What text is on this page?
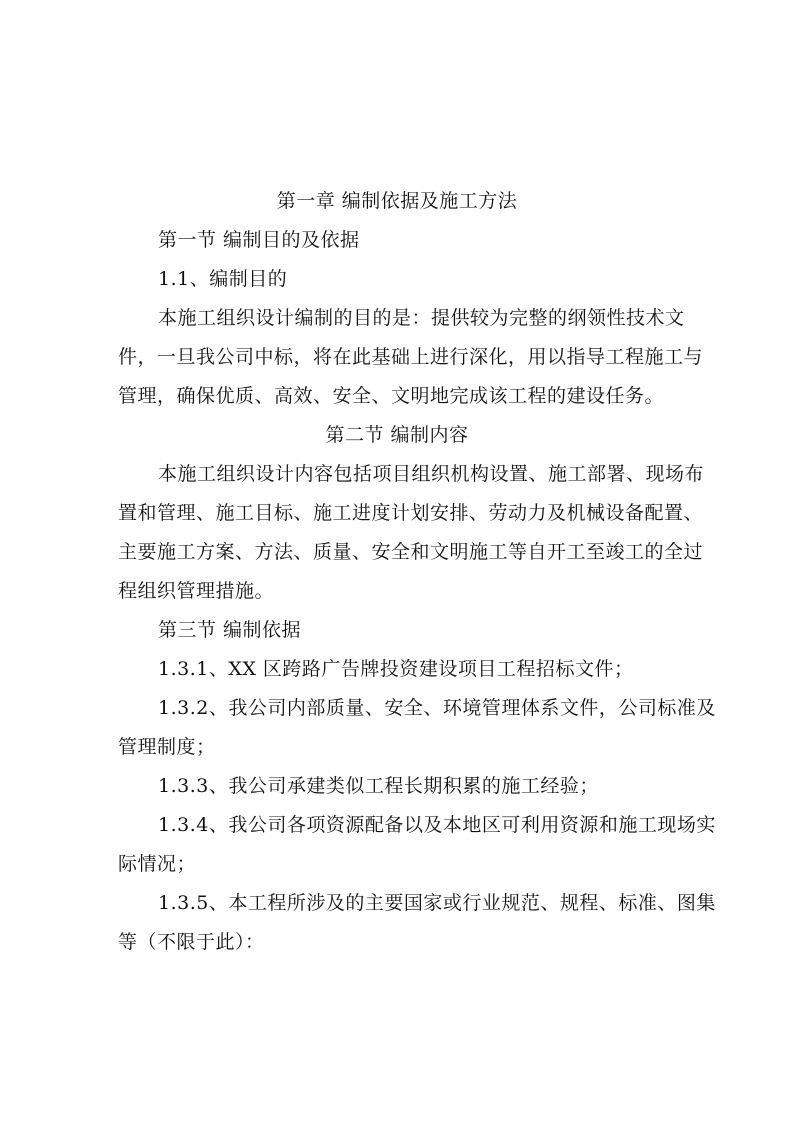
第一章 编制依据及施工方法
第一节 编制目的及依据
1.1、编制目的
本施工组织设计编制的目的是：提供较为完整的纲领性技术文
件，一旦我公司中标，将在此基础上进行深化，用以指导工程施工与
管理，确保优质、高效、安全、文明地完成该工程的建设任务。
第二节 编制内容
本施工组织设计内容包括项目组织机构设置、施工部署、现场布
置和管理、施工目标、施工进度计划安排、劳动力及机械设备配置、
主要施工方案、方法、质量、安全和文明施工等自开工至竣工的全过
程组织管理措施。
第三节 编制依据
1.3.1、XX 区跨路广告牌投资建设项目工程招标文件；
1.3.2、我公司内部质量、安全、环境管理体系文件，公司标准及
管理制度；
1.3.3、我公司承建类似工程长期积累的施工经验；
1.3.4、我公司各项资源配备以及本地区可利用资源和施工现场实
际情况；
1.3.5、本工程所涉及的主要国家或行业规范、规程、标准、图集
等（不限于此）：
